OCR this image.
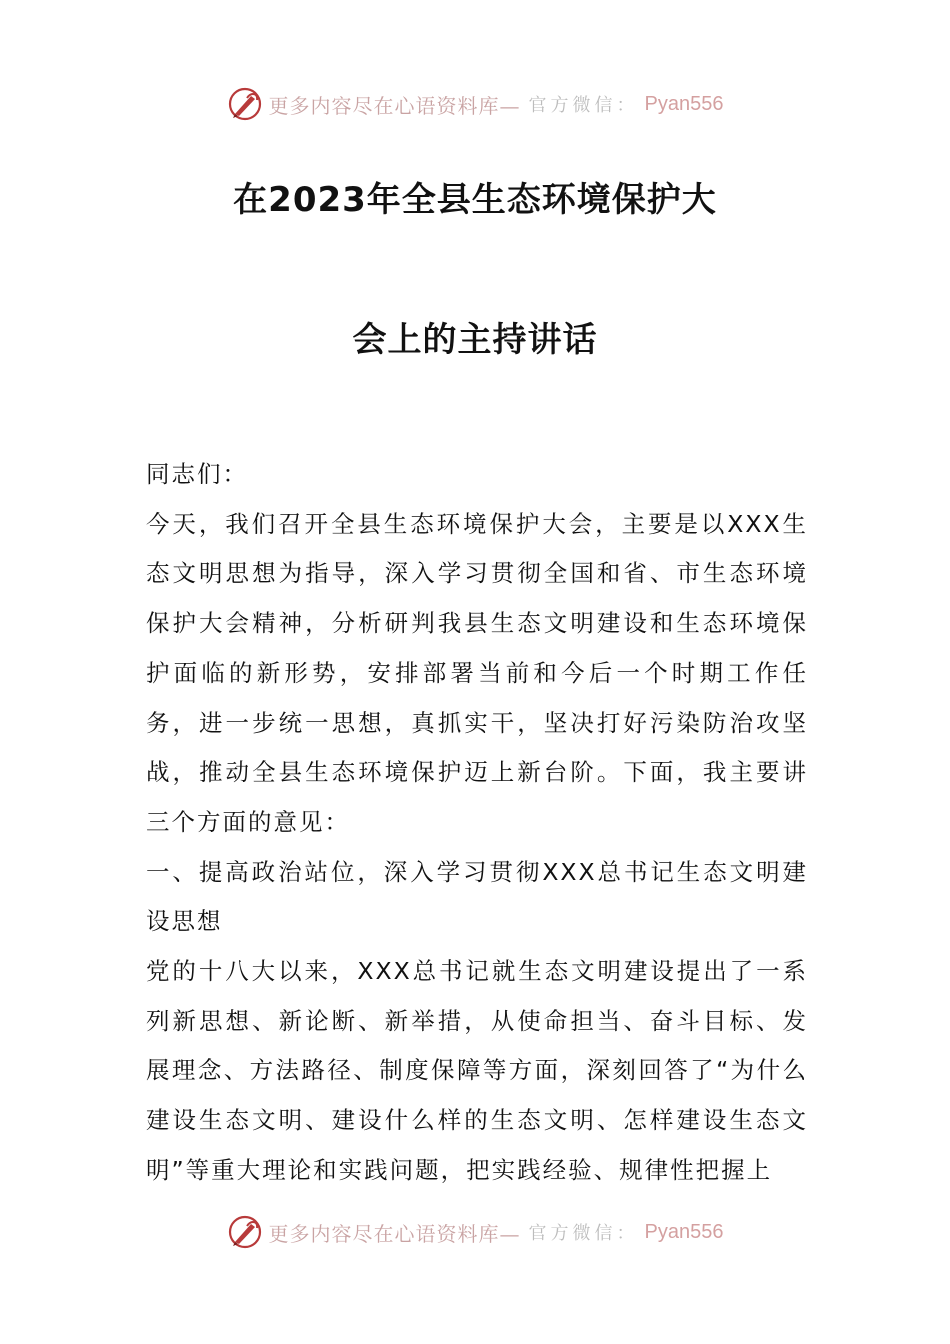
更多内容尽在心语资料库— 官方微信： Pyan556
在2023年全县生态环境保护大
会上的主持讲话

同志们：

今天，我们召开全县生态环境保护大会，主要是以XXX生态文明思想为指导，深入学习贯彻全国和省、市生态环境保护大会精神，分析研判我县生态文明建设和生态环境保护面临的新形势，安排部署当前和今后一个时期工作任务，进一步统一思想，真抓实干，坚决打好污染防治攻坚战，推动全县生态环境保护迈上新台阶。下面，我主要讲三个方面的意见：

一、提高政治站位，深入学习贯彻XXX总书记生态文明建设思想

党的十八大以来，XXX总书记就生态文明建设提出了一系列新思想、新论断、新举措，从使命担当、奋斗目标、发展理念、方法路径、制度保障等方面，深刻回答了“为什么建设生态文明、建设什么样的生态文明、怎样建设生态文明”等重大理论和实践问题，把实践经验、规律性把握上

更多内容尽在心语资料库— 官方微信： Pyan556
